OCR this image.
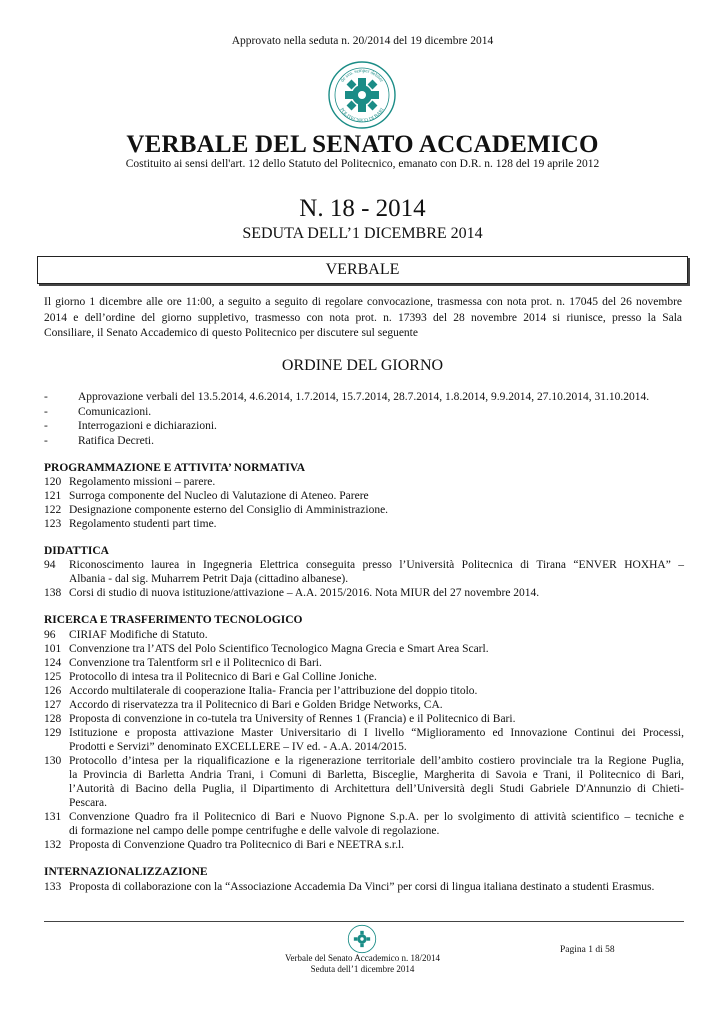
Approvato nella seduta n. 20/2014 del 19 dicembre 2014
de sen. semper debitor
POLITECNICO DI BARI
VERBALE DEL SENATO ACCADEMICO
Costituito ai sensi dell'art. 12 dello Statuto del Politecnico, emanato con D.R. n. 128 del 19 aprile 2012
N. 18 - 2014
SEDUTA DELL’1 DICEMBRE 2014
VERBALE
Il giorno 1 dicembre alle ore 11:00, a seguito a seguito di regolare convocazione, trasmessa con nota prot. n. 17045 del 26 novembre
2014 e dell’ordine del giorno suppletivo, trasmesso con nota prot. n. 17393 del 28 novembre 2014 si riunisce, presso la Sala
Consiliare, il Senato Accademico di questo Politecnico per discutere sul seguente
ORDINE DEL GIORNO
-	Approvazione verbali del 13.5.2014, 4.6.2014, 1.7.2014, 15.7.2014, 28.7.2014, 1.8.2014, 9.9.2014, 27.10.2014, 31.10.2014.
-	Comunicazioni.
-	Interrogazioni e dichiarazioni.
-	Ratifica Decreti.
PROGRAMMAZIONE E ATTIVITA’ NORMATIVA
120 Regolamento missioni – parere.
121 Surroga componente del Nucleo di Valutazione di Ateneo. Parere
122 Designazione componente esterno del Consiglio di Amministrazione.
123 Regolamento studenti part time.
DIDATTICA
94	Riconoscimento laurea in Ingegneria Elettrica conseguita presso l’Università Politecnica di Tirana “ENVER HOXHA” –
Albania - dal sig. Muharrem Petrit Daja (cittadino albanese).
138 Corsi di studio di nuova istituzione/attivazione – A.A. 2015/2016. Nota MIUR del 27 novembre 2014.
RICERCA E TRASFERIMENTO TECNOLOGICO
96	CIRIAF Modifiche di Statuto.
101 Convenzione tra l’ATS del Polo Scientifico Tecnologico Magna Grecia e Smart Area Scarl.
124 Convenzione tra Talentform srl e il Politecnico di Bari.
125 Protocollo di intesa tra il Politecnico di Bari e Gal Colline Joniche.
126 Accordo multilaterale di cooperazione Italia- Francia per l’attribuzione del doppio titolo.
127 Accordo di riservatezza tra il Politecnico di Bari e Golden Bridge Networks, CA.
128 Proposta di convenzione in co-tutela tra University of Rennes 1 (Francia) e il Politecnico di Bari.
129 Istituzione e proposta attivazione Master Universitario di I livello “Miglioramento ed Innovazione Continui dei Processi,
Prodotti e Servizi” denominato EXCELLERE – IV ed. - A.A. 2014/2015.
130 Protocollo d’intesa per la riqualificazione e la rigenerazione territoriale dell’ambito costiero provinciale tra la Regione Puglia,
la Provincia di Barletta Andria Trani, i Comuni di Barletta, Bisceglie, Margherita di Savoia e Trani, il Politecnico di Bari,
l’Autorità di Bacino della Puglia, il Dipartimento di Architettura dell’Università degli Studi Gabriele D'Annunzio di Chieti-
Pescara.
131 Convenzione Quadro fra il Politecnico di Bari e Nuovo Pignone S.p.A. per lo svolgimento di attività scientifico – tecniche e
di formazione nel campo delle pompe centrifughe e delle valvole di regolazione.
132 Proposta di Convenzione Quadro tra Politecnico di Bari e NEETRA s.r.l.
INTERNAZIONALIZZAZIONE
133 Proposta di collaborazione con la “Associazione Accademia Da Vinci” per corsi di lingua italiana destinato a studenti Erasmus.
Verbale del Senato Accademico n. 18/2014
Seduta dell’1 dicembre 2014
Pagina 1 di 58
